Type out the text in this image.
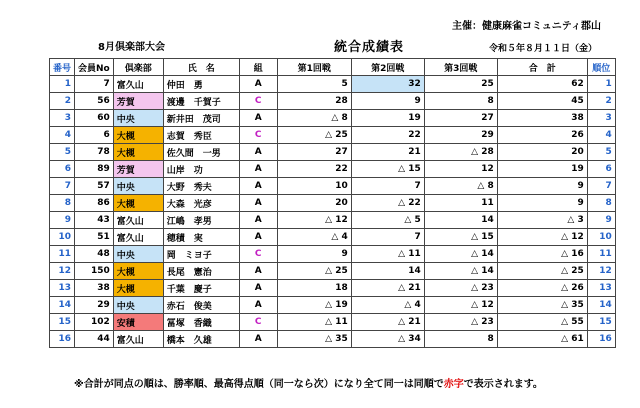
主催：健康麻雀コミュニティ郡山
8月倶楽部大会	統合成績表	令和５年８月１１日（金）
番号	会員No	倶楽部	氏　名	組	第1回戦	第2回戦	第3回戦	合　計	順位
1	7	富久山	仲田　勇	A	5	32	25	62	1
2	56	芳賀	渡邊　千賀子	C	28	9	8	45	2
3	60	中央	新井田　茂司	A	△ 8	19	27	38	3
4	6	大槻	志賀　秀臣	C	△ 25	22	29	26	4
5	78	大槻	佐久間　一男	A	27	21	△ 28	20	5
6	89	芳賀	山岸　功	A	22	△ 15	12	19	6
7	57	中央	大野　秀夫	A	10	7	△ 8	9	7
8	86	大槻	大森　光彦	A	20	△ 22	11	9	8
9	43	富久山	江嶋　孝男	A	△ 12	△ 5	14	△ 3	9
10	51	富久山	穂積　実	A	△ 4	7	△ 15	△ 12	10
11	48	中央	岡　ミヨ子	C	9	△ 11	△ 14	△ 16	11
12	150	大槻	長尾　憲治	A	△ 25	14	△ 14	△ 25	12
13	38	大槻	千葉　慶子	A	18	△ 21	△ 23	△ 26	13
14	29	中央	赤石　俊美	A	△ 19	△ 4	△ 12	△ 35	14
15	102	安積	冨塚　香織	C	△ 11	△ 21	△ 23	△ 55	15
16	44	富久山	橋本　久雄	A	△ 35	△ 34	8	△ 61	16
※合計が同点の順は、勝率順、最高得点順（同一なら次）になり全て同一は同順で赤字で表示されます。
